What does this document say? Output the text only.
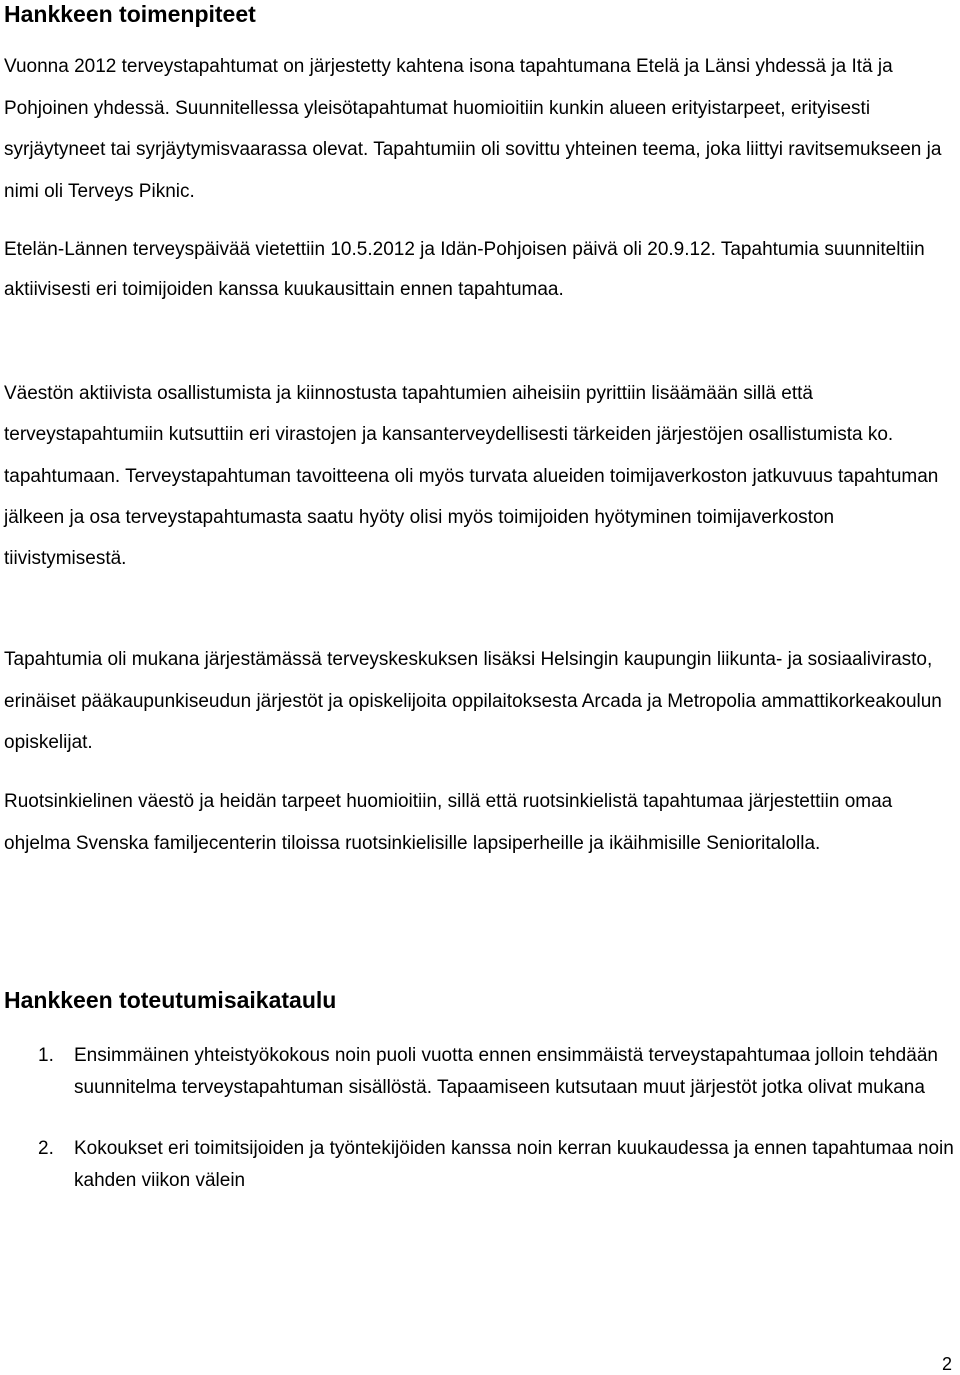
Hankkeen toimenpiteet

Vuonna 2012 terveystapahtumat on järjestetty kahtena isona tapahtumana Etelä ja Länsi yhdessä ja Itä ja Pohjoinen yhdessä. Suunnitellessa yleisötapahtumat huomioitiin kunkin alueen erityistarpeet, erityisesti syrjäytyneet tai syrjäytymisvaarassa olevat. Tapahtumiin oli sovittu yhteinen teema, joka liittyi ravitsemukseen ja nimi oli Terveys Piknic.

Etelän-Lännen terveyspäivää vietettiin 10.5.2012 ja Idän-Pohjoisen päivä oli 20.9.12. Tapahtumia suunniteltiin aktiivisesti eri toimijoiden kanssa kuukausittain ennen tapahtumaa.

Väestön aktiivista osallistumista ja kiinnostusta tapahtumien aiheisiin pyrittiin lisäämään sillä että terveystapahtumiin kutsuttiin eri virastojen ja kansanterveydellisesti tärkeiden järjestöjen osallistumista ko. tapahtumaan. Terveystapahtuman tavoitteena oli myös turvata alueiden toimijaverkoston jatkuvuus tapahtuman jälkeen ja osa terveystapahtumasta saatu hyöty olisi myös toimijoiden hyötyminen toimijaverkoston tiivistymisestä.

Tapahtumia oli mukana järjestämässä terveyskeskuksen lisäksi Helsingin kaupungin liikunta- ja sosiaalivirasto, erinäiset pääkaupunkiseudun järjestöt ja opiskelijoita oppilaitoksesta Arcada ja Metropolia ammattikorkeakoulun opiskelijat.

Ruotsinkielinen väestö ja heidän tarpeet huomioitiin, sillä että ruotsinkielistä tapahtumaa järjestettiin omaa ohjelma Svenska familjecenterin tiloissa ruotsinkielisille lapsiperheille ja ikäihmisille Senioritalolla.

Hankkeen toteutumisaikataulu
1. Ensimmäinen yhteistyökokous noin puoli vuotta ennen ensimmäistä terveystapahtumaa jolloin tehdään suunnitelma terveystapahtuman sisällöstä. Tapaamiseen kutsutaan muut järjestöt jotka olivat mukana
2. Kokoukset eri toimitsijoiden ja työntekijöiden kanssa noin kerran kuukaudessa ja ennen tapahtumaa noin kahden viikon välein
2
